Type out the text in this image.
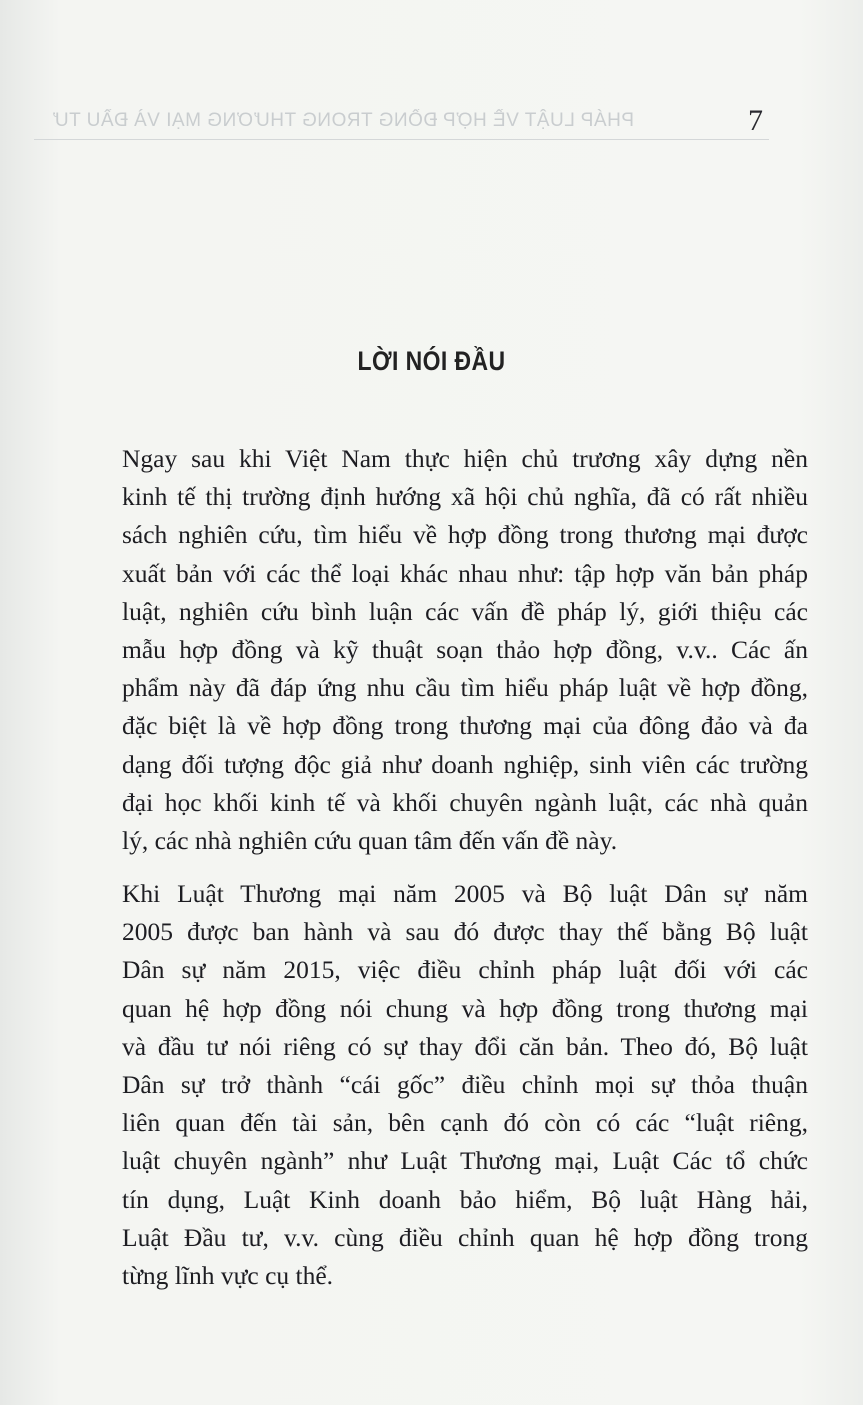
PHÁP LUẬT VỀ HỢP ĐỒNG TRONG THƯƠNG MẠI VÀ ĐẦU TƯ	7
LỜI NÓI ĐẦU
Ngay sau khi Việt Nam thực hiện chủ trương xây dựng nền
kinh tế thị trường định hướng xã hội chủ nghĩa, đã có rất nhiều
sách nghiên cứu, tìm hiểu về hợp đồng trong thương mại được
xuất bản với các thể loại khác nhau như: tập hợp văn bản pháp
luật, nghiên cứu bình luận các vấn đề pháp lý, giới thiệu các
mẫu hợp đồng và kỹ thuật soạn thảo hợp đồng, v.v.. Các ấn
phẩm này đã đáp ứng nhu cầu tìm hiểu pháp luật về hợp đồng,
đặc biệt là về hợp đồng trong thương mại của đông đảo và đa
dạng đối tượng độc giả như doanh nghiệp, sinh viên các trường
đại học khối kinh tế và khối chuyên ngành luật, các nhà quản
lý, các nhà nghiên cứu quan tâm đến vấn đề này.
Khi Luật Thương mại năm 2005 và Bộ luật Dân sự năm
2005 được ban hành và sau đó được thay thế bằng Bộ luật
Dân sự năm 2015, việc điều chỉnh pháp luật đối với các
quan hệ hợp đồng nói chung và hợp đồng trong thương mại
và đầu tư nói riêng có sự thay đổi căn bản. Theo đó, Bộ luật
Dân sự trở thành “cái gốc” điều chỉnh mọi sự thỏa thuận
liên quan đến tài sản, bên cạnh đó còn có các “luật riêng,
luật chuyên ngành” như Luật Thương mại, Luật Các tổ chức
tín dụng, Luật Kinh doanh bảo hiểm, Bộ luật Hàng hải,
Luật Đầu tư, v.v. cùng điều chỉnh quan hệ hợp đồng trong
từng lĩnh vực cụ thể.
